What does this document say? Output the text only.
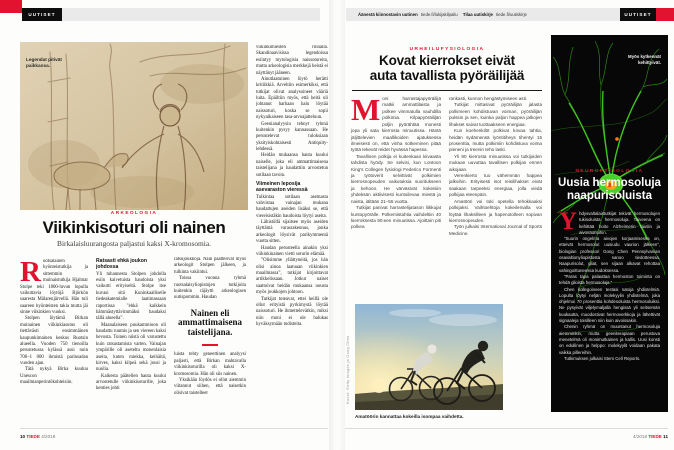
UUTISET	Äänestä kiinnostavin uutinen tiede.fi/lukijakilpailu Tilaa uutiskirje tiede.fi/uutiskirje	UUTISET
Legendat pitivät paikkansa.
ARKEOLOGIA
Viikinkisoturi oli nainen
Birkalaisluurangosta paljastui kaksi X-kromosomia.

Ruotsalainen hyönteistutkija ja sittemmin muinaistutkija Hjalmar Stolpe teki 1800-luvun lopulla vaikuttavia löytöjä Björkön saaresta Mälarenjärvellä. Hän tuli saareen hyönteisten takia mutta jäi sinne viikinkien vuoksi.

Stolpen löytämä Birkan muinainen viikinkiasutus oli tiettävästi ensimmäinen kaupunkimainen keskus Ruotsin alueella. Vuoden 750 tienoilla perustetussa kylässä asui noin 700–1 000 ihmistä parinsadan vuoden ajan.

Tätä nykyä Birka kuuluu Unescon maailmanperintökohteisiin.

Ratsasti ehkä joukon johdossa

Yli tuhannesta Stolpen johdolla esiin kaivetuista haudoista yksi vaikutti erityiseltä. Stolpe itse kuvasi sitä Kuninkaalliselle tiedeakatemialle laatimassaan raportissa ”ehkä kaikkein hämmästyttävimmäksi haudaksi tällä alueella”.

Maanalaiseen puukammioon oli haudattu ruumis ja sen viereen kaksi hevosta. Toinen niistä oli varustettu kuin ratsastamista varten. Vainajan ympärille oli aseteltu monenlaisia aseita, kuten miekka, keihäitä, kirves, kaksi kilpeä sekä jousi ja nuolia.

Kaikesta päätellen hauta kuului arvostetulle viikinkisoturille, joka kenties johti

ratsujoukkoja. Näin päättelivät myös arkeologit Stolpen jälkeen, ja tulkinta vakiintui.

Toissa vuonna ryhmä ruotsalaisyliopistojen tutkijoita kuitenkin räjäytti arkeologisen uutispommin. Haudan

Nainen eli ammattimaisena taistelijana.

luista tehty geneettinen analyysi paljasti, että Birkan mahtavalla viikinkisoturilla oli kaksi X-kromosomia. Hän oli siis nainen.

Yksikään löydös ei ollut aiemmin viitannut siihen, että naisetkin olisivat taistelleet

viikinkimiesten rinnalla. Skandinaavisissa legendoissa esiintyy mytologisia naissotureita, mutta arkeologisia merkkejä heistä ei näyttänyt jääneen.

Ainutlaatuinen löytö herätti kritiikkiä. Arveltiin esimerkiksi, että tutkijat olivat analysoineet vääriä luita. Epäiltiin myös, että heitä oli johtanut harhaan halu löytää naissoturi, koska se sopii nykyaikaiseen tasa-arvoajatteluun.

Geenianalyysin tehnyt ryhmä kuitenkin pysyy kannassaan. He perustelevat tuloksiaan yksityiskohtaisesti Antiquity-lehdessä.

Heidän mukaansa hauta kuului naiselle, joka eli ammattimaisena taistelijana ja haudattiin arvostetun sotilaan tavoin.

Viimeinen leposija asevaraston vieressä

Tulkintaa sotilaan asemasta vahvistaa vainajan mukana haudattujen aseiden lisäksi se, että viereisistäkin haudoista löytyi aseita.

Lähistöllä sijaitsee myös aseiden täyttämä varasrakennus, jonka arkeologit löysivät parikymmentä vuotta sitten.

Haudan perusteella ainakin yksi viikinkinainen vietti soturin elämää.

”Olisimme yllättyneitä, jos hän olisi ainoa laatuaan viikinkien maailmassa”, tutkijat kirjoittavat artikkelissaan. Jotkut naiset saattoivat heidän mukaansa nousta myös joukkojen johtoon.

Tutkijat toteavat, ettei heillä ole ollut erityistä pyrkimystä löytää naissoturi. He ihmettelevätkin, miksi niin moni ei ole halukas hyväksymään todisteita.

10 TIEDE 4/2018
URHEILUFYSIOLOGIA
Kovat kierrokset eivät
auta tavallista pyöräilijää

Moni harrastajapyöräilijä matkii ammattilaista ja polkee vimmatulla vauhdilla polkimia. Kilpapyöräilijän poljin pyörähtää monesti jopa yli sata kierrosta minuutissa. Häntä jäljittelevien maallikoiden ajatuksessa ilmeisesti on, että vinha sotkeminen pitää työtä tekevät reidet hyvässä hapessa.

Tavallinen polkija ei kuitenkaan kiivaasta tahdista hyödy. Se selvisi, kun Lontoon King's Collegen fysiologi Federico Formenti ja työtoverit selvittivät polkimien kierrosnopeuden vaikutuksia suoritukseen ja kehoon. He värväsivät kokeisiin yhdeksän aktiivisesti kuntoilevaa miestä ja naista, iältään 21–55 vuotta.

Tutkijat panivat harrastelijatason liikkujat kuntopyörälle. Polkemistahtia vaihdeltiin 40 kierroksesta 90:een minuutissa. Ajoittain piti polkea

rankasti, kunnon hengästymiseen asti.

Tutkijat mittasivat pyöräilijän jalasta polkimeen kohdistuvan voiman, pyöräilijän pulssin ja sen, kuinka paljon happea jalkojen lihakset saivat tuottaakseen energiaa.

Kun koehenkilöt polkivat kovaa tahtia, heidän sydämensä lyöntitiheys tihentyi 15 prosenttia, mutta polkimiin kohdistuva voima pieneni ja treenin teho laski.

Yli 90 kierrosta minuutissa voi tutkijoiden mukaan uuvuttaa tavallisen polkijan ennen aikojaan.

Verenkierto tuo vähemmän happea jalkoihin. Erityisesti isot reisilihakset eivät saakaan tarpeeksi energiaa, jolla viedä polkijaa eteenpäin.

Amatööri voi toki opetella tehokkaaksi polkijaksi. Vaihtoehtoja kokeilemalla voi löytää lihaksilleen ja hapenotolleen sopivan kierrosnopeuden.

Työn julkaisi International Journal of Sports Medicine.

Kuvat: Getty Images ja Gong Chen
Amatöörin kannattaa kokeilla isompaa vaihdetta.
Myös kytkennät kehittyivät.
NEUROFYSIOLOGIA
Uusia hermosoluja
naapurisoluista

Yhdysvaltalaistutkijat tekivät hermosolujen tukisoluista hermosoluja. Toiveena on kehittää hoito Alzheimerin tautiin ja aivovaurioihin.

”Suurin ongelma aivojen korjaamisessa on, etteivät hermosolut uusiudu vaurion jälkeen”, biologian professori Gong Chen Pennsylvanian osavaltionyliopistosta sanoo tiedotteessa. Naapurisolut, gliat, sen sijaan alkavat rehottaa vahingoittuneessa kudoksessa.

”Paras tapa palauttaa hermoston toiminta on tehdä glioista hermosoluja.”

Chen kollegoineen testasi satoja yhdistelmiä. Lopulta löytyi neljän molekyylin yhdistelmä, joka ohjelmoi 70 prosenttia kohdesoluista hermosoluiksi. Ne pysyivät viljelymaljalla hengissä yli seitsemän kuukautta, muodostivat hermoverkkoja ja lähettivät signaaleja toisilleen niin kuin aivoissakin.

Chenin ryhmä on muuntanut hermosoluja aiemminkin, mutta geeniterapiaan perustuva menetelmä oli monimutkainen ja kallis. Uusi konsti on edullinen ja helppo: molekyylit voidaan pakata vaikka pillereihin.

Tutkimuksen julkaisi Stem Cell Reports.

4/2018 TIEDE 11
